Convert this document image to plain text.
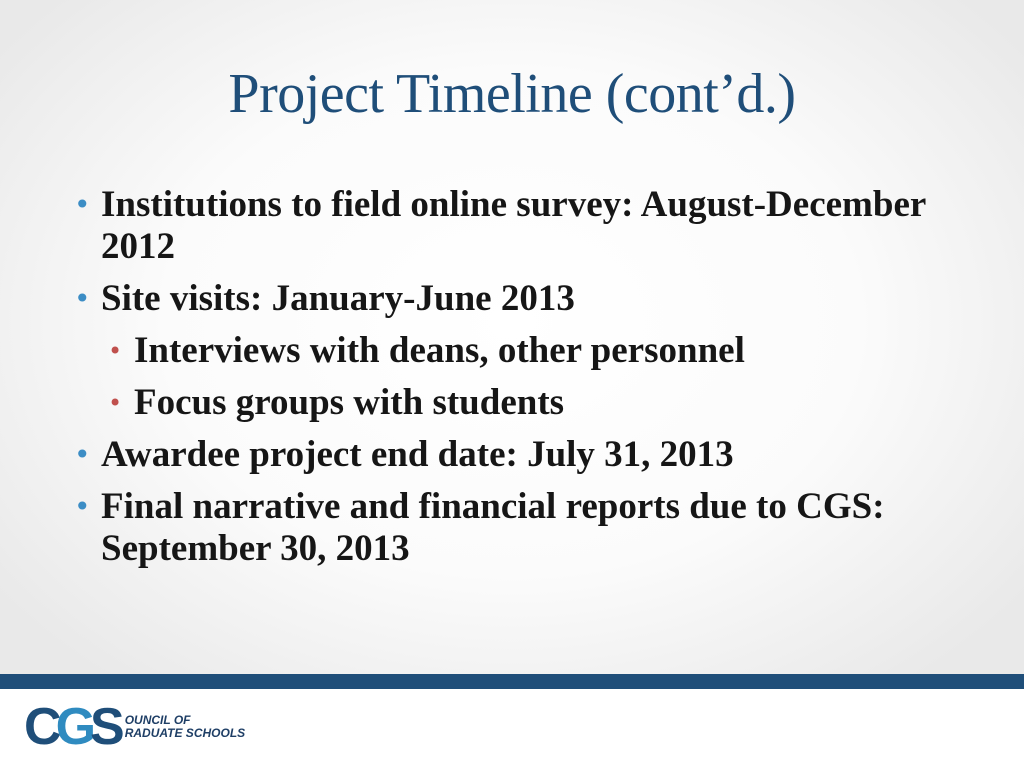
Project Timeline (cont’d.)
• Institutions to field online survey: August-December 2012
• Site visits: January-June 2013
• Interviews with deans, other personnel
• Focus groups with students
• Awardee project end date: July 31, 2013
• Final narrative and financial reports due to CGS: September 30, 2013
CGS OUNCIL OF
RADUATE SCHOOLS
